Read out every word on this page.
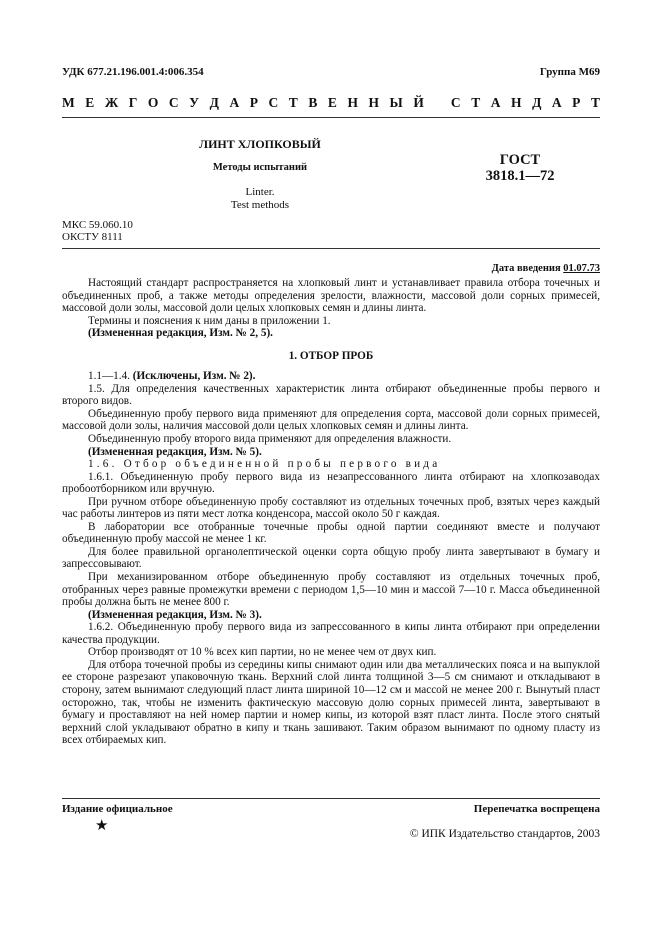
УДК 677.21.196.001.4:006.354	Группа М69
М Е Ж Г О С У Д А Р С Т В Е Н Н Ы Й С Т А Н Д А Р Т
ЛИНТ ХЛОПКОВЫЙ
Методы испытаний
Linter.
Test methods
ГОСТ
3818.1—72
МКС 59.060.10
ОКСТУ 8111
Дата введения 01.07.73

Настоящий стандарт распространяется на хлопковый линт и устанавливает правила отбора точечных и объединенных проб, а также методы определения зрелости, влажности, массовой доли сорных примесей, массовой доли золы, массовой доли целых хлопковых семян и длины линта.

Термины и пояснения к ним даны в приложении 1.

(Измененная редакция, Изм. № 2, 5).

1. ОТБОР ПРОБ

1.1—1.4. (Исключены, Изм. № 2).

1.5. Для определения качественных характеристик линта отбирают объединенные пробы первого и второго видов.

Объединенную пробу первого вида применяют для определения сорта, массовой доли сорных примесей, массовой доли золы, наличия массовой доли целых хлопковых семян и длины линта.

Объединенную пробу второго вида применяют для определения влажности.

(Измененная редакция, Изм. № 5).

1.6. Отбор объединенной пробы первого вида

1.6.1. Объединенную пробу первого вида из незапрессованного линта отбирают на хлопкозаводах пробоотборником или вручную.

При ручном отборе объединенную пробу составляют из отдельных точечных проб, взятых через каждый час работы линтеров из пяти мест лотка конденсора, массой около 50 г каждая.

В лаборатории все отобранные точечные пробы одной партии соединяют вместе и получают объединенную пробу массой не менее 1 кг.

Для более правильной органолептической оценки сорта общую пробу линта завертывают в бумагу и запрессовывают.

При механизированном отборе объединенную пробу составляют из отдельных точечных проб, отобранных через равные промежутки времени с периодом 1,5—10 мин и массой 7—10 г. Масса объединенной пробы должна быть не менее 800 г.

(Измененная редакция, Изм. № 3).

1.6.2. Объединенную пробу первого вида из запрессованного в кипы линта отбирают при определении качества продукции.

Отбор производят от 10 % всех кип партии, но не менее чем от двух кип.

Для отбора точечной пробы из середины кипы снимают один или два металлических пояса и на выпуклой ее стороне разрезают упаковочную ткань. Верхний слой линта толщиной 3—5 см снимают и откладывают в сторону, затем вынимают следующий пласт линта шириной 10—12 см и массой не менее 200 г. Вынутый пласт осторожно, так, чтобы не изменить фактическую массовую долю сорных примесей линта, завертывают в бумагу и проставляют на ней номер партии и номер кипы, из которой взят пласт линта. После этого снятый верхний слой укладывают обратно в кипу и ткань зашивают. Таким образом вынимают по одному пласту из всех отбираемых кип.

Издание официальное	Перепечатка воспрещена
★	© ИПК Издательство стандартов, 2003
